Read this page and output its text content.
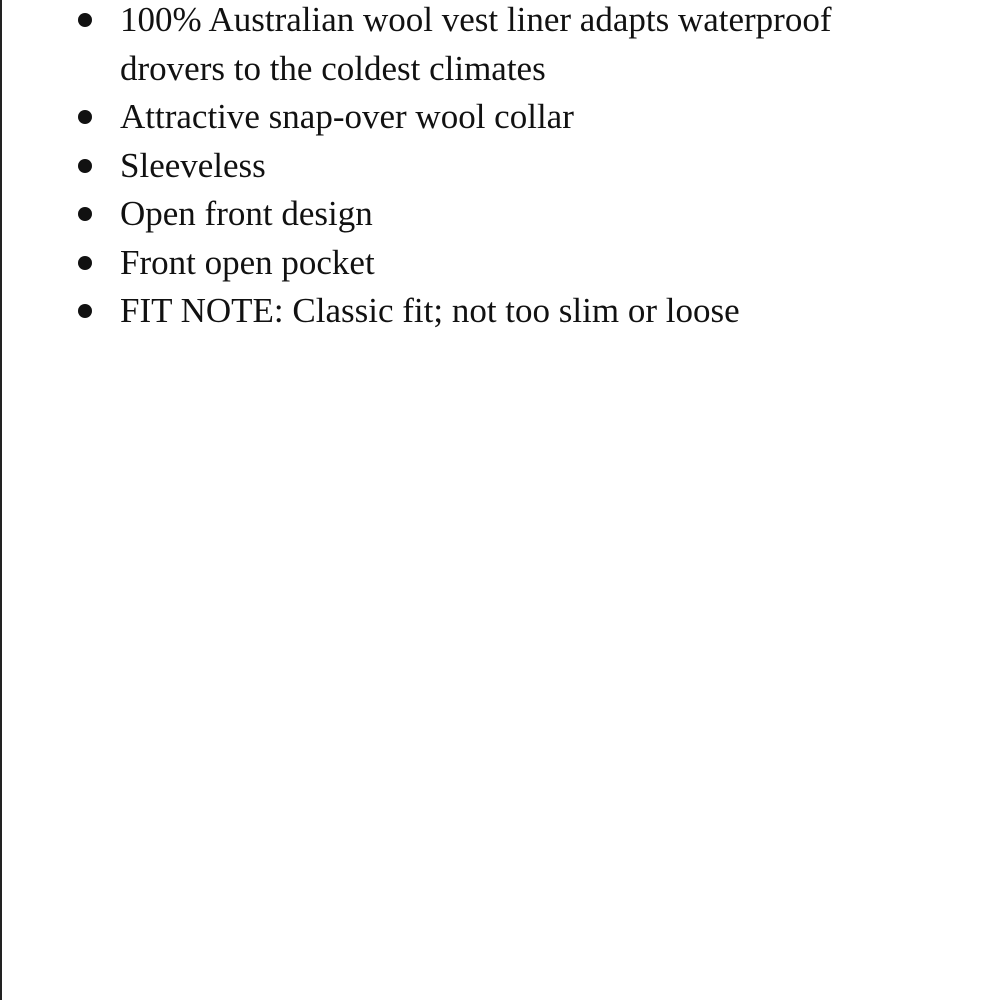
100% Australian wool vest liner adapts waterproof drovers to the coldest climates
Attractive snap-over wool collar
Sleeveless
Open front design
Front open pocket
FIT NOTE: Classic fit; not too slim or loose
